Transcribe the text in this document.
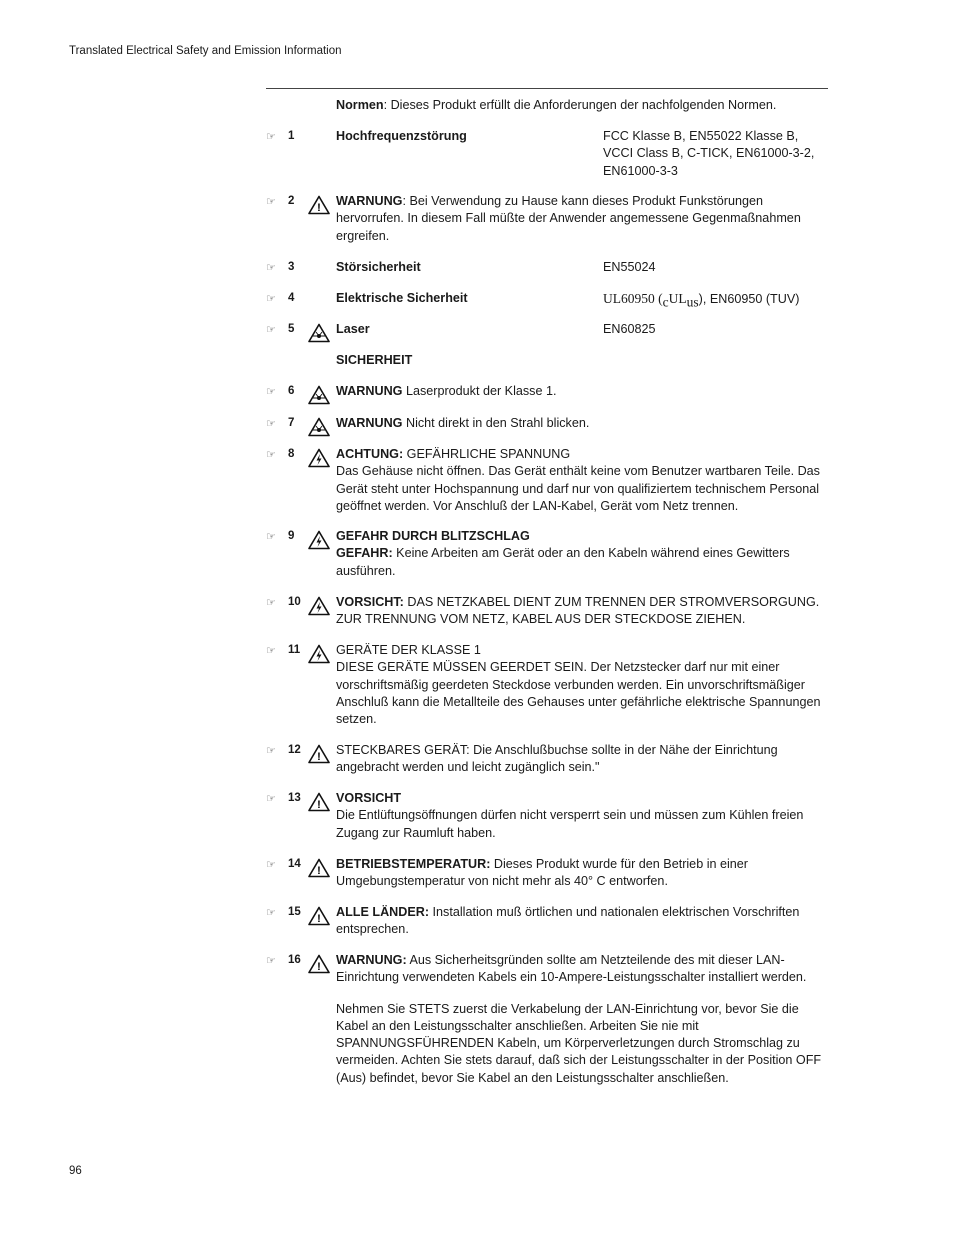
Translated Electrical Safety and Emission Information
Normen: Dieses Produkt erfüllt die Anforderungen der nachfolgenden Normen.
☞ 1	Hochfrequenzstörung	FCC Klasse B, EN55022 Klasse B, VCCI Class B, C-TICK, EN61000-3-2, EN61000-3-3
☞ 2
! WARNUNG: Bei Verwendung zu Hause kann dieses Produkt Funkstörungen hervorrufen. In diesem Fall müßte der Anwender angemessene Gegenmaßnahmen ergreifen.
☞ 3	Störsicherheit	EN55024
☞ 4	Elektrische Sicherheit	UL60950 $(_cUL_{us})$, EN60950 (TUV)
☞ 5	Laser	EN60825
SICHERHEIT
☞ 6	WARNUNG Laserprodukt der Klasse 1.
☞ 7	WARNUNG Nicht direkt in den Strahl blicken.
☞ 8	ACHTUNG: GEFÄHRLICHE SPANNUNG

Das Gehäuse nicht öffnen. Das Gerät enthält keine vom Benutzer wartbaren Teile. Das Gerät steht unter Hochspannung und darf nur von qualifiziertem technischem Personal geöffnet werden. Vor Anschluß der LAN-Kabel, Gerät vom Netz trennen.

☞ 9	GEFAHR DURCH BLITZSCHLAG

GEFAHR: Keine Arbeiten am Gerät oder an den Kabeln während eines Gewitters ausführen.

☞ 10	VORSICHT: DAS NETZKABEL DIENT ZUM TRENNEN DER STROMVERSORGUNG. ZUR TRENNUNG VOM NETZ, KABEL AUS DER STECKDOSE ZIEHEN.
☞ 11	GERÄTE DER KLASSE 1

DIESE GERÄTE MÜSSEN GEERDET SEIN. Der Netzstecker darf nur mit einer vorschriftsmäßig geerdeten Steckdose verbunden werden. Ein unvorschriftsmäßiger Anschluß kann die Metallteile des Gehauses unter gefährliche elektrische Spannungen setzen.

☞ 12
! STECKBARES GERÄT: Die Anschlußbuchse sollte in der Nähe der Einrichtung angebracht werden und leicht zugänglich sein."
☞ 13
! VORSICHT

Die Entlüftungsöffnungen dürfen nicht versperrt sein und müssen zum Kühlen freien Zugang zur Raumluft haben.

☞ 14
! BETRIEBSTEMPERATUR: Dieses Produkt wurde für den Betrieb in einer Umgebungstemperatur von nicht mehr als 40° C entworfen.
☞ 15
! ALLE LÄNDER: Installation muß örtlichen und nationalen elektrischen Vorschriften entsprechen.
☞ 16
! WARNUNG: Aus Sicherheitsgründen sollte am Netzteilende des mit dieser LAN-Einrichtung verwendeten Kabels ein 10-Ampere-Leistungsschalter installiert werden.

Nehmen Sie STETS zuerst die Verkabelung der LAN-Einrichtung vor, bevor Sie die Kabel an den Leistungsschalter anschließen. Arbeiten Sie nie mit SPANNUNGSFÜHRENDEN Kabeln, um Körperverletzungen durch Stromschlag zu vermeiden. Achten Sie stets darauf, daß sich der Leistungsschalter in der Position OFF (Aus) befindet, bevor Sie Kabel an den Leistungsschalter anschließen.

96
